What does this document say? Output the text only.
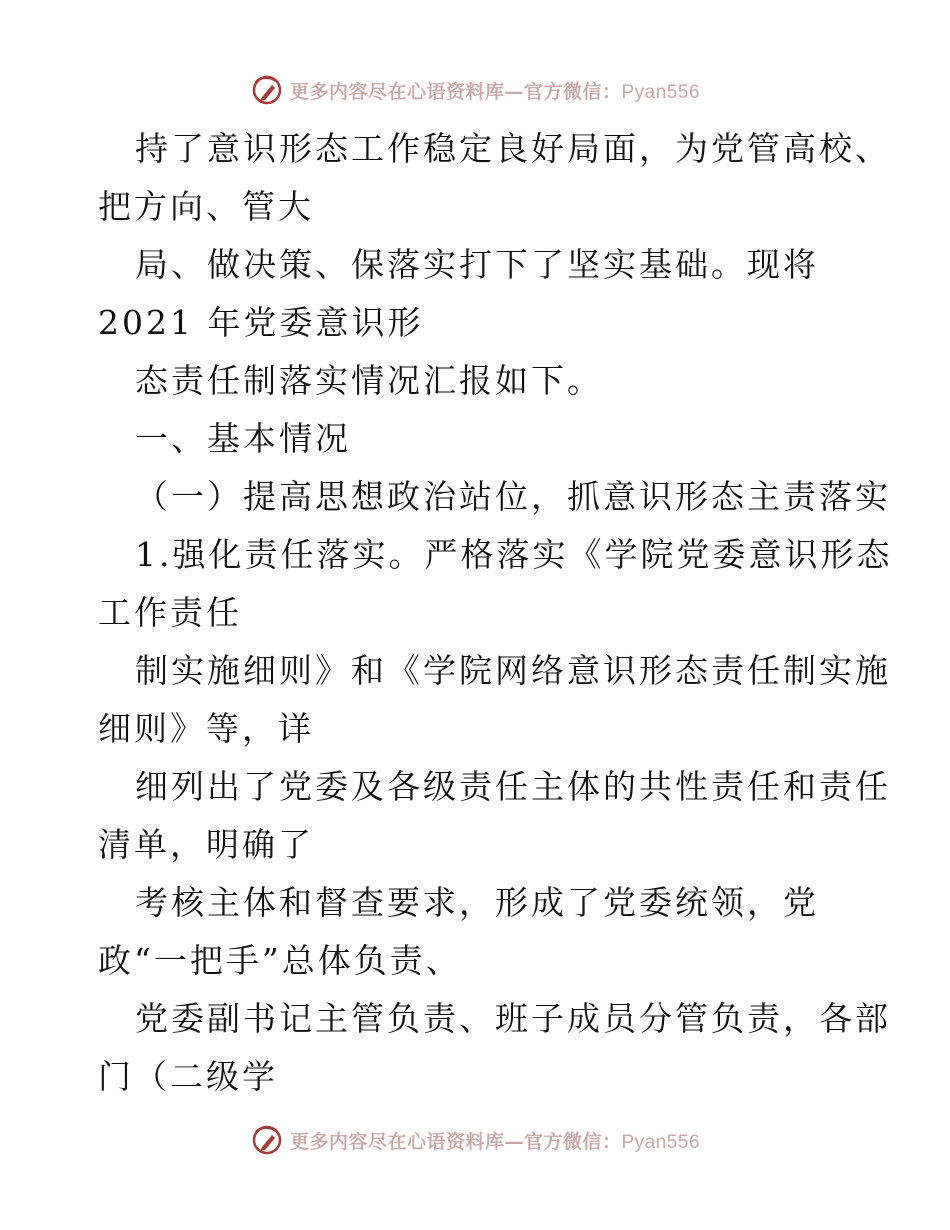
更多内容尽在心语资料库—官方微信：Pyan556
持了意识形态工作稳定良好局面，为党管高校、
把方向、管大
局、做决策、保落实打下了坚实基础。现将
2021 年党委意识形
态责任制落实情况汇报如下。
一、基本情况
（一）提高思想政治站位，抓意识形态主责落实
1.强化责任落实。严格落实《学院党委意识形态
工作责任
制实施细则》和《学院网络意识形态责任制实施
细则》等，详
细列出了党委及各级责任主体的共性责任和责任
清单，明确了
考核主体和督查要求，形成了党委统领，党
政“一把手”总体负责、
党委副书记主管负责、班子成员分管负责，各部
门（二级学
更多内容尽在心语资料库—官方微信：Pyan556
